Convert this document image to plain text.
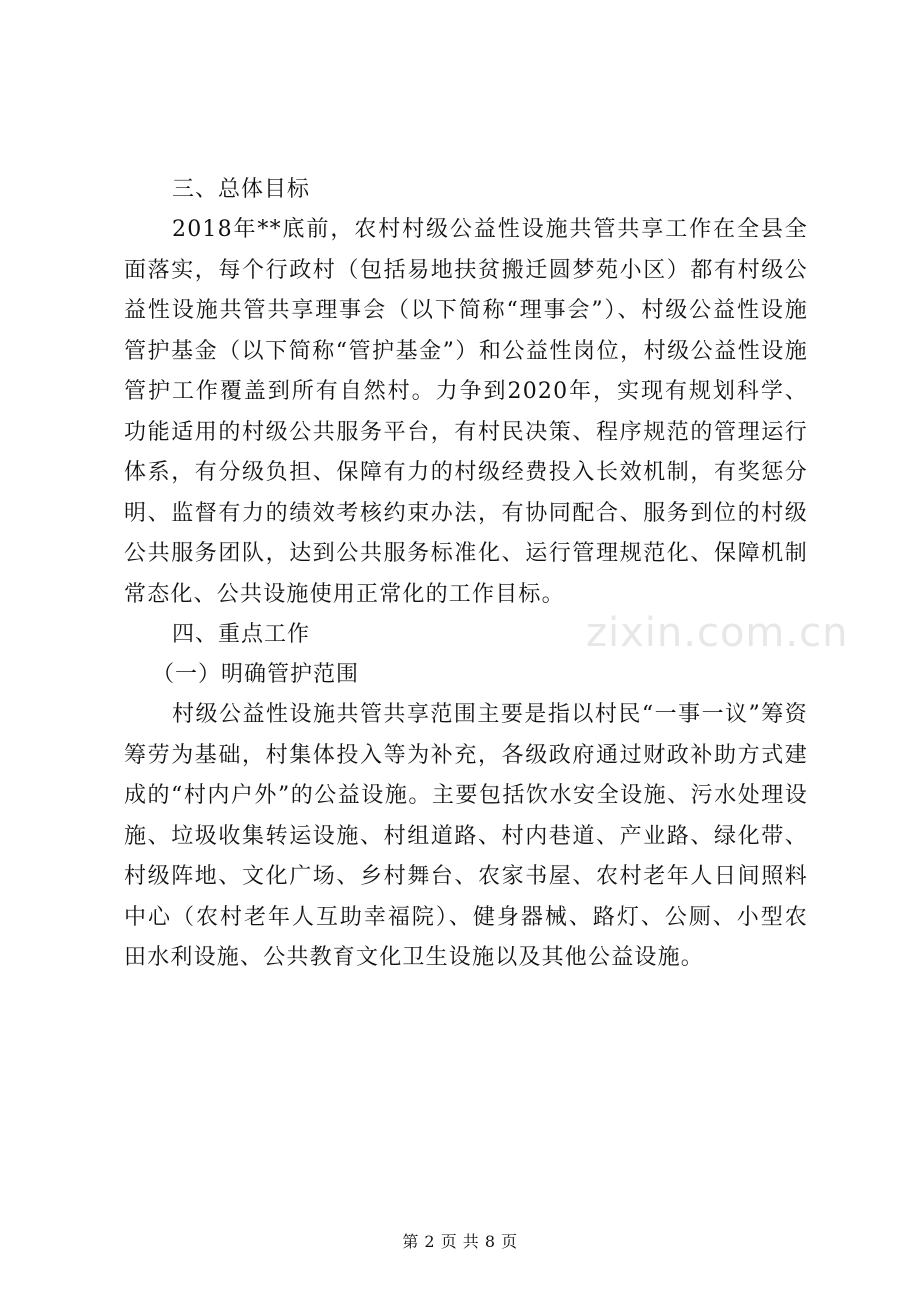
三、总体目标

2018年**底前，农村村级公益性设施共管共享工作在全县全面落实，每个行政村（包括易地扶贫搬迁圆梦苑小区）都有村级公益性设施共管共享理事会（以下简称“理事会”）、村级公益性设施管护基金（以下简称“管护基金”）和公益性岗位，村级公益性设施管护工作覆盖到所有自然村。力争到2020年，实现有规划科学、功能适用的村级公共服务平台，有村民决策、程序规范的管理运行体系，有分级负担、保障有力的村级经费投入长效机制，有奖惩分明、监督有力的绩效考核约束办法，有协同配合、服务到位的村级公共服务团队，达到公共服务标准化、运行管理规范化、保障机制常态化、公共设施使用正常化的工作目标。

四、重点工作

（一）明确管护范围

村级公益性设施共管共享范围主要是指以村民“一事一议”筹资筹劳为基础，村集体投入等为补充，各级政府通过财政补助方式建成的“村内户外”的公益设施。主要包括饮水安全设施、污水处理设施、垃圾收集转运设施、村组道路、村内巷道、产业路、绿化带、村级阵地、文化广场、乡村舞台、农家书屋、农村老年人日间照料中心（农村老年人互助幸福院）、健身器械、路灯、公厕、小型农田水利设施、公共教育文化卫生设施以及其他公益设施。

zixin.com.cn
第 2 页 共 8 页
